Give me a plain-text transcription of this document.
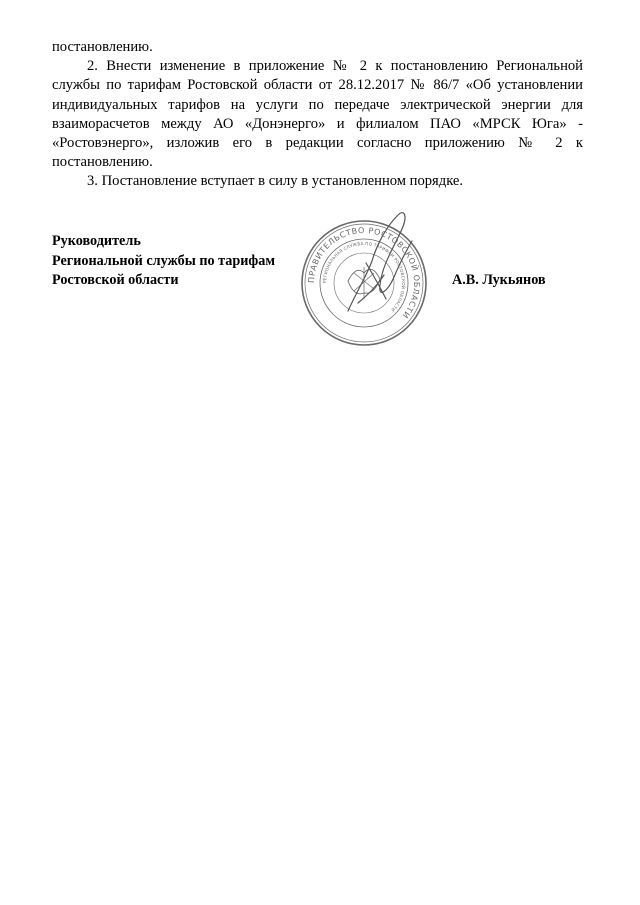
постановлению.

2. Внести изменение в приложение № 2 к постановлению Региональной службы по тарифам Ростовской области от 28.12.2017 № 86/7 «Об установлении индивидуальных тарифов на услуги по передаче электрической энергии для взаиморасчетов между АО «Донэнерго» и филиалом ПАО «МРСК Юга» - «Ростовэнерго», изложив его в редакции согласно приложению № 2 к постановлению.

3. Постановление вступает в силу в установленном порядке.

Руководитель
Региональной службы по тарифам
Ростовской области	А.В. Лукьянов
ПРАВИТЕЛЬСТВО РОСТОВСКОЙ ОБЛАСТИ
РЕГИОНАЛЬНАЯ СЛУЖБА ПО ТАРИФАМ РОСТОВСКОЙ ОБЛАСТИ
